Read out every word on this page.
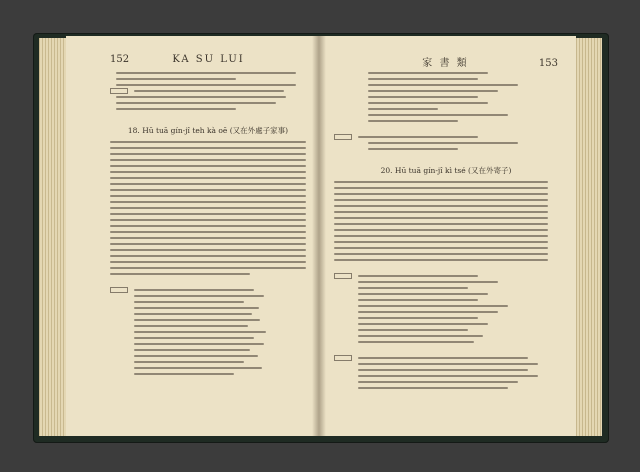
152	KA SU LUI
18. Hū tuā gín-jî teh kà oē (又在外處子家事)
家 書 類	153
20. Hū tuā gín-jî kì tsé (又在外寄子)
